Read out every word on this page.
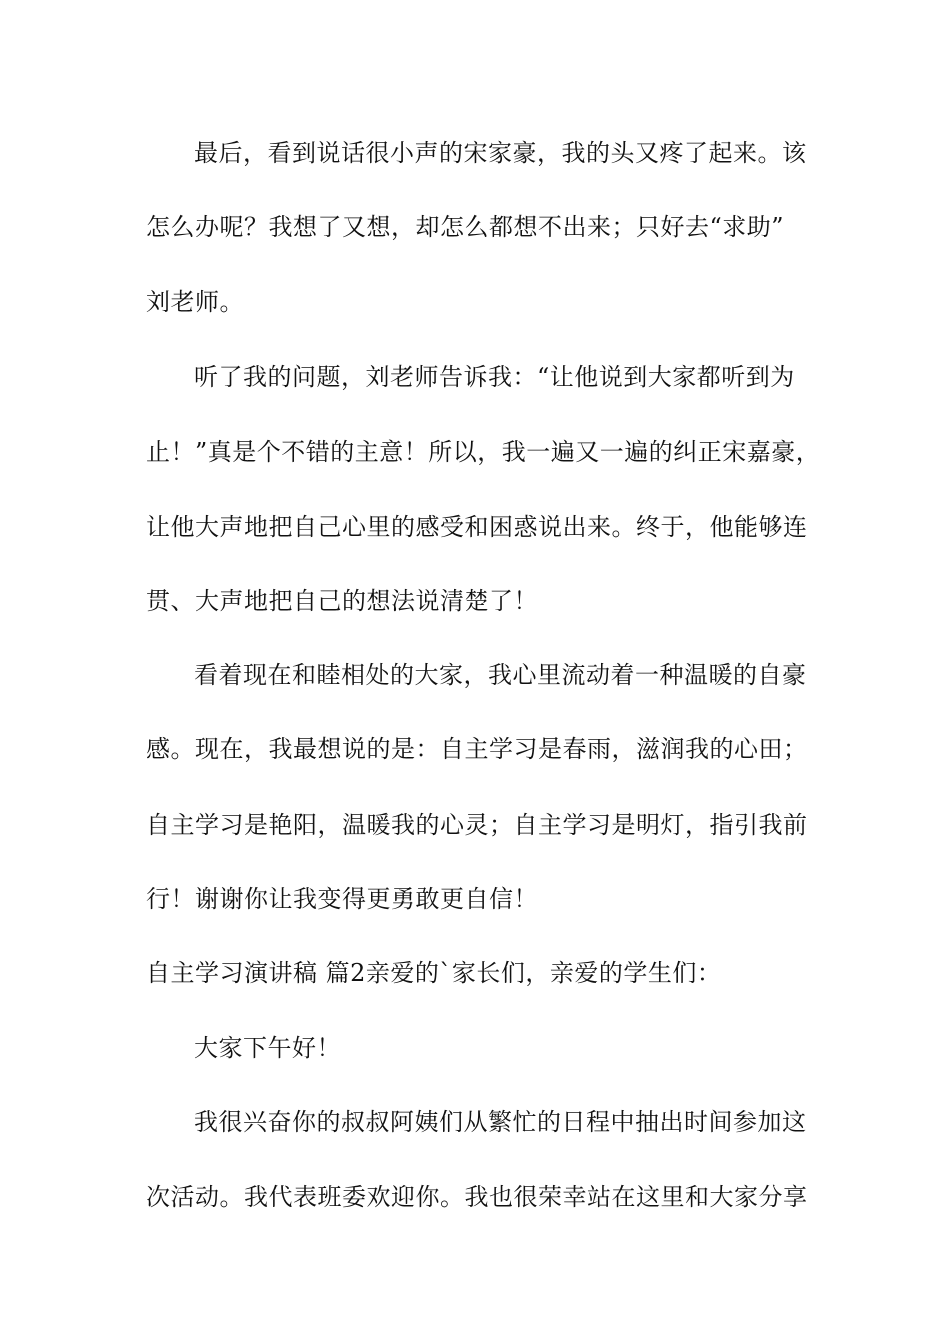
最后，看到说话很小声的宋家豪，我的头又疼了起来。该
怎么办呢？我想了又想，却怎么都想不出来；只好去“求助”
刘老师。
听了我的问题，刘老师告诉我：“让他说到大家都听到为
止！”真是个不错的主意！所以，我一遍又一遍的纠正宋嘉豪，
让他大声地把自己心里的感受和困惑说出来。终于，他能够连
贯、大声地把自己的想法说清楚了！
看着现在和睦相处的大家，我心里流动着一种温暖的自豪
感。现在，我最想说的是：自主学习是春雨，滋润我的心田；
自主学习是艳阳，温暖我的心灵；自主学习是明灯，指引我前
行！谢谢你让我变得更勇敢更自信！
自主学习演讲稿 篇2亲爱的`家长们，亲爱的学生们：
大家下午好！
我很兴奋你的叔叔阿姨们从繁忙的日程中抽出时间参加这
次活动。我代表班委欢迎你。我也很荣幸站在这里和大家分享
